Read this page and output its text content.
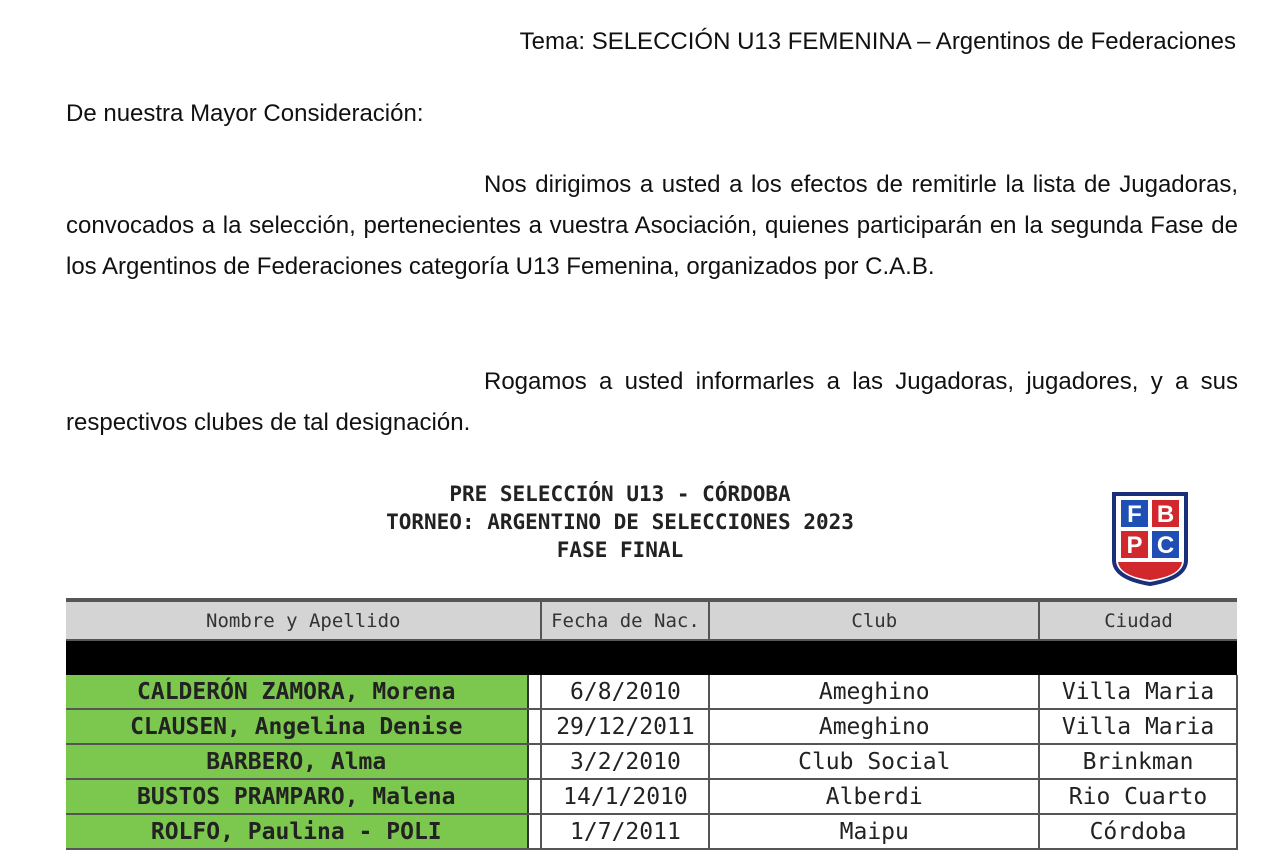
Tema: SELECCIÓN U13 FEMENINA – Argentinos de Federaciones
De nuestra Mayor Consideración:

Nos dirigimos a usted a los efectos de remitirle la lista de Jugadoras, convocados a la selección, pertenecientes a vuestra Asociación, quienes participarán en la segunda Fase de los Argentinos de Federaciones categoría U13 Femenina, organizados por C.A.B.

Rogamos a usted informarles a las Jugadoras, jugadores, y a sus respectivos clubes de tal designación.

PRE SELECCIÓN U13 - CÓRDOBA
TORNEO: ARGENTINO DE SELECCIONES 2023
FASE FINAL
F B
P C
Nombre y Apellido		Fecha de Nac.	Club	Ciudad

CALDERÓN ZAMORA, Morena		6/8/2010	Ameghino	Villa Maria
CLAUSEN, Angelina Denise		29/12/2011	Ameghino	Villa Maria
BARBERO, Alma		3/2/2010	Club Social	Brinkman
BUSTOS PRAMPARO, Malena		14/1/2010	Alberdi	Rio Cuarto
ROLFO, Paulina - POLI		1/7/2011	Maipu	Córdoba
